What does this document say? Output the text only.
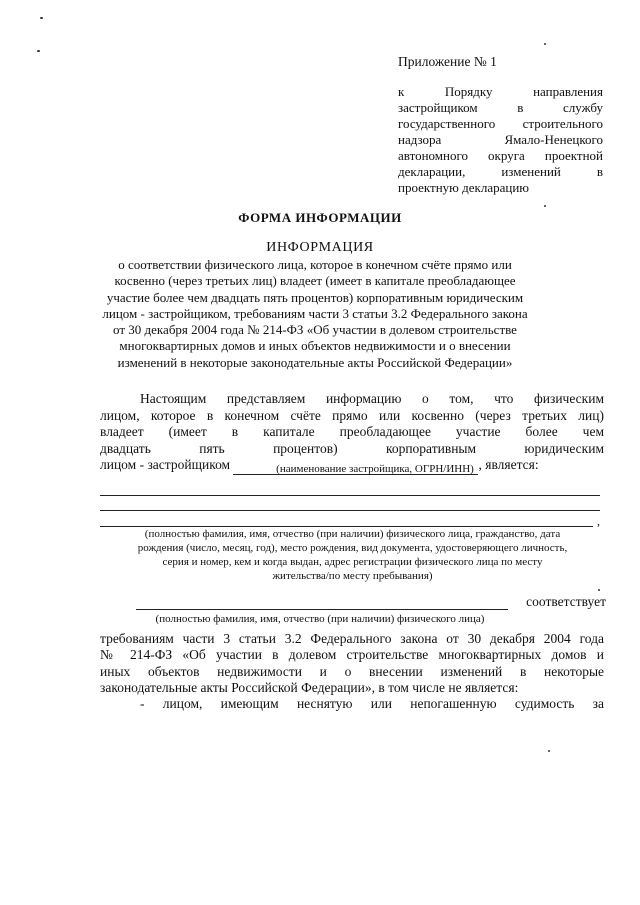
Приложение № 1
к Порядку направления
застройщиком в службу
государственного строительного
надзора Ямало-Ненецкого
автономного округа проектной
декларации, изменений в
проектную декларацию
ФОРМА ИНФОРМАЦИИ
ИНФОРМАЦИЯ
о соответствии физического лица, которое в конечном счёте прямо или
косвенно (через третьих лиц) владеет (имеет в капитале преобладающее
участие более чем двадцать пять процентов) корпоративным юридическим
лицом - застройщиком, требованиям части 3 статьи 3.2 Федерального закона
от 30 декабря 2004 года № 214-ФЗ «Об участии в долевом строительстве
многоквартирных домов и иных объектов недвижимости и о внесении
изменений в некоторые законодательные акты Российской Федерации»
Настоящим представляем информацию о том, что физическим
лицом, которое в конечном счёте прямо или косвенно (через третьих лиц)
владеет (имеет в капитале преобладающее участие более чем
двадцать пять процентов) корпоративным юридическим
лицом - застройщиком	, является:
(наименование застройщика, ОГРН/ИНН)
,
(полностью фамилия, имя, отчество (при наличии) физического лица, гражданство, дата
рождения (число, месяц, год), место рождения, вид документа, удостоверяющего личность,
серия и номер, кем и когда выдан, адрес регистрации физического лица по месту
жительства/по месту пребывания)
соответствует
(полностью фамилия, имя, отчество (при наличии) физического лица)
требованиям части 3 статьи 3.2 Федерального закона от 30 декабря 2004 года
№ 214-ФЗ «Об участии в долевом строительстве многоквартирных домов и
иных объектов недвижимости и о внесении изменений в некоторые
законодательные акты Российской Федерации», в том числе не является:
- лицом, имеющим неснятую или непогашенную судимость за
